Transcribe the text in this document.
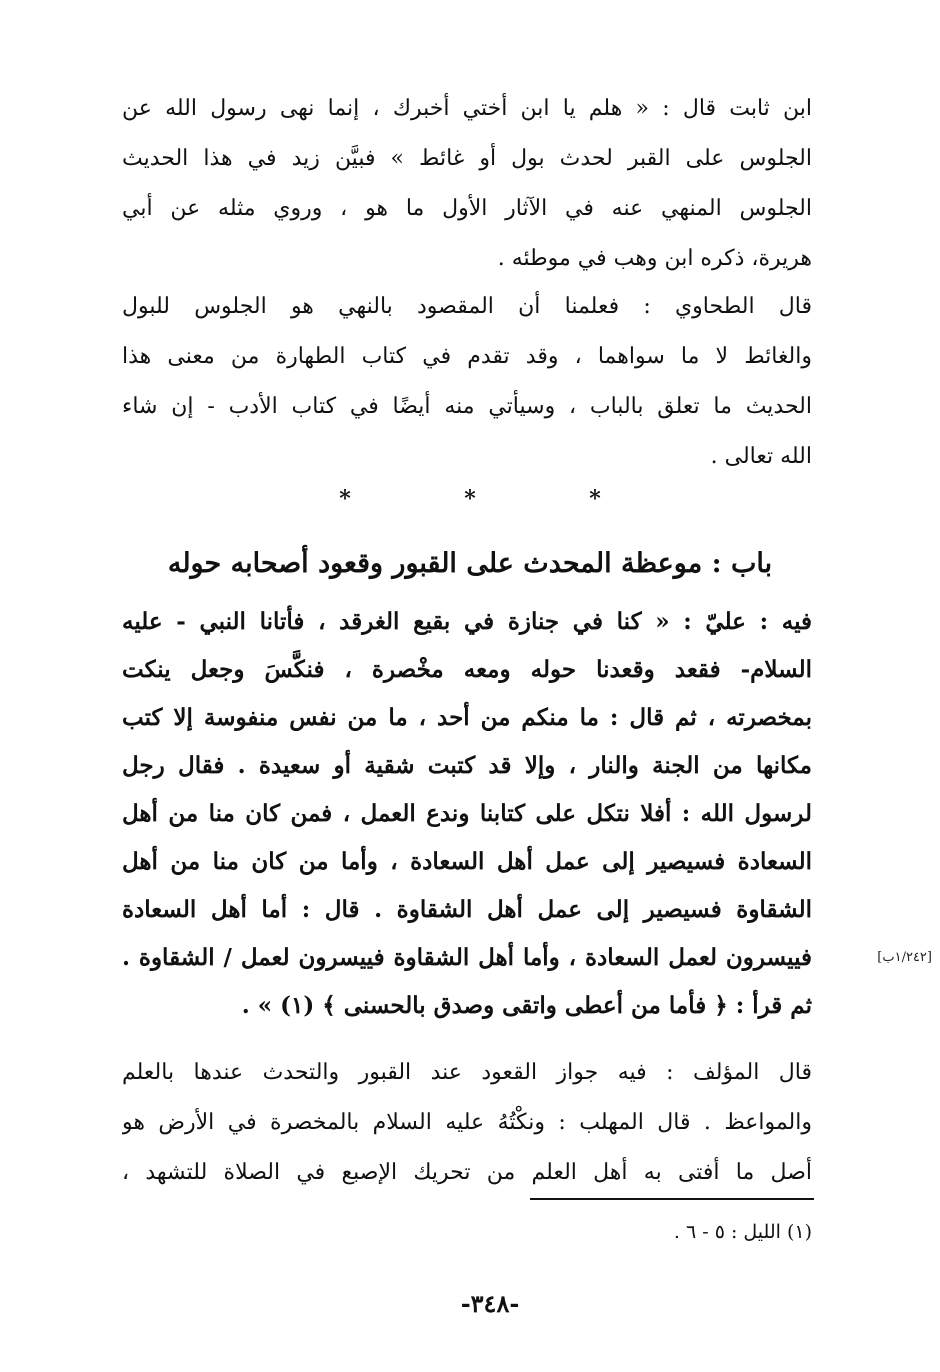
ابن ثابت قال : « هلم يا ابن أختي أخبرك ، إنما نهى رسول الله عن
الجلوس على القبر لحدث بول أو غائط » فبيَّن زيد في هذا الحديث
الجلوس المنهي عنه في الآثار الأول ما هو ، وروي مثله عن أبي
هريرة، ذكره ابن وهب في موطئه .
قال الطحاوي : فعلمنا أن المقصود بالنهي هو الجلوس للبول
والغائط لا ما سواهما ، وقد تقدم في كتاب الطهارة من معنى هذا
الحديث ما تعلق بالباب ، وسيأتي منه أيضًا في كتاب الأدب - إن شاء
الله تعالى .
*	*	*
باب : موعظة المحدث على القبور وقعود أصحابه حوله
فيه : عليّ : « كنا في جنازة في بقيع الغرقد ، فأتانا النبي - عليه
السلام- فقعد وقعدنا حوله ومعه مخْصرة ، فنكَّسَ وجعل ينكت
بمخصرته ، ثم قال : ما منكم من أحد ، ما من نفس منفوسة إلا كتب
مكانها من الجنة والنار ، وإلا قد كتبت شقية أو سعيدة . فقال رجل
لرسول الله : أفلا نتكل على كتابنا وندع العمل ، فمن كان منا من أهل
السعادة فسيصير إلى عمل أهل السعادة ، وأما من كان منا من أهل
الشقاوة فسيصير إلى عمل أهل الشقاوة . قال : أما أهل السعادة
فييسرون لعمل السعادة ، وأما أهل الشقاوة فييسرون لعمل / الشقاوة .
ثم قرأ : ﴿ فأما من أعطى واتقى وصدق بالحسنى ﴾ (١) » .
[١/٢٤٢ب]
قال المؤلف : فيه جواز القعود عند القبور والتحدث عندها بالعلم
والمواعظ . قال المهلب : ونكْتُهُ عليه السلام بالمخصرة في الأرض هو
أصل ما أفتى به أهل العلم من تحريك الإصبع في الصلاة للتشهد ،
(١) الليل : ٥ - ٦ .
-٣٤٨-
